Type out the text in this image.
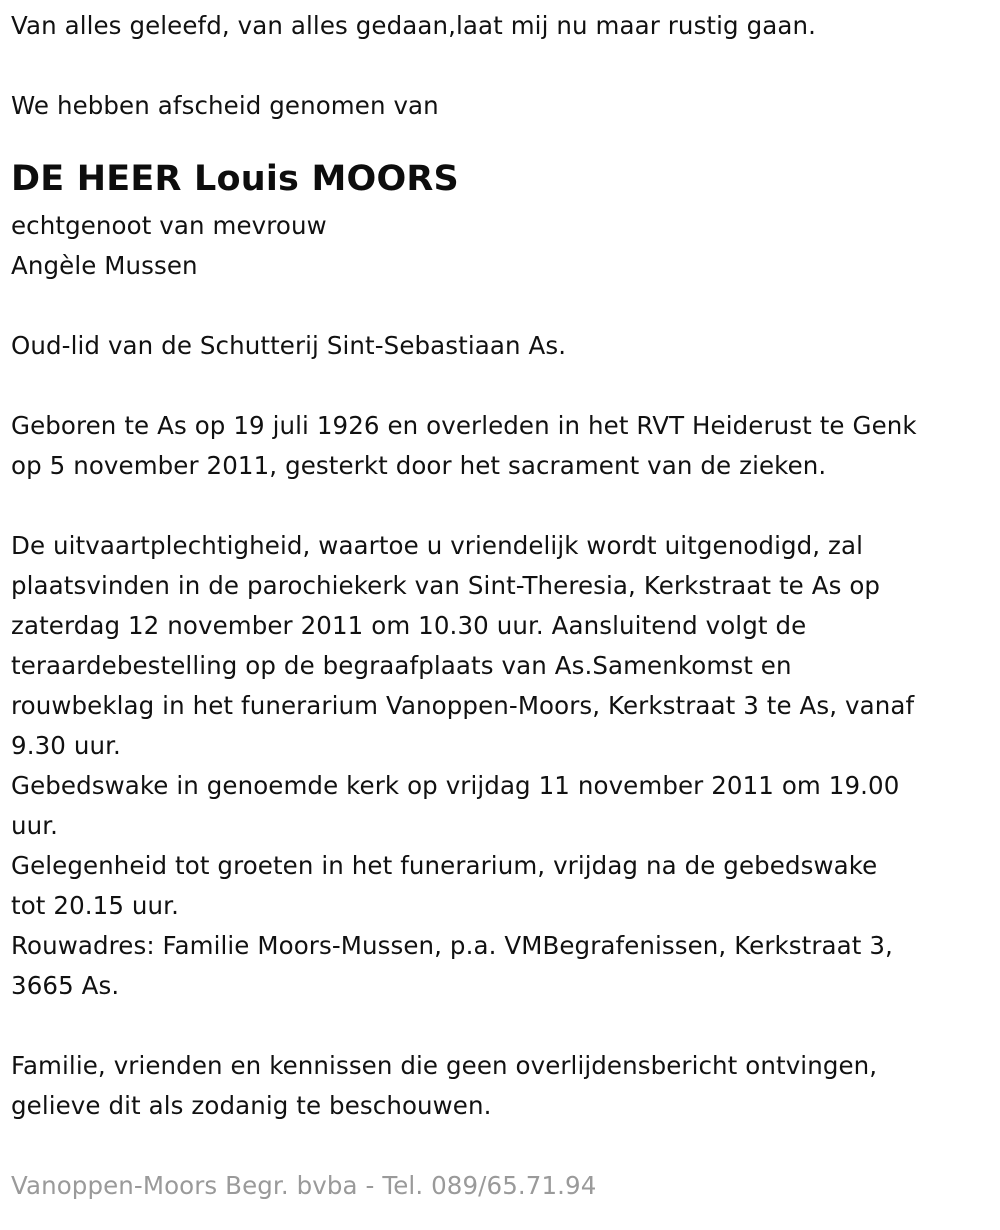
Van alles geleefd, van alles gedaan,laat mij nu maar rustig gaan.
We hebben afscheid genomen van
DE HEER Louis MOORS
echtgenoot van mevrouw
Angèle Mussen
Oud-lid van de Schutterij Sint-Sebastiaan As.
Geboren te As op 19 juli 1926 en overleden in het RVT Heiderust te Genk
op 5 november 2011, gesterkt door het sacrament van de zieken.
De uitvaartplechtigheid, waartoe u vriendelijk wordt uitgenodigd, zal
plaatsvinden in de parochiekerk van Sint-Theresia, Kerkstraat te As op
zaterdag 12 november 2011 om 10.30 uur. Aansluitend volgt de
teraardebestelling op de begraafplaats van As.Samenkomst en
rouwbeklag in het funerarium Vanoppen-Moors, Kerkstraat 3 te As, vanaf
9.30 uur.
Gebedswake in genoemde kerk op vrijdag 11 november 2011 om 19.00
uur.
Gelegenheid tot groeten in het funerarium, vrijdag na de gebedswake
tot 20.15 uur.
Rouwadres: Familie Moors-Mussen, p.a. VMBegrafenissen, Kerkstraat 3,
3665 As.
Familie, vrienden en kennissen die geen overlijdensbericht ontvingen,
gelieve dit als zodanig te beschouwen.
Vanoppen-Moors Begr. bvba - Tel. 089/65.71.94
